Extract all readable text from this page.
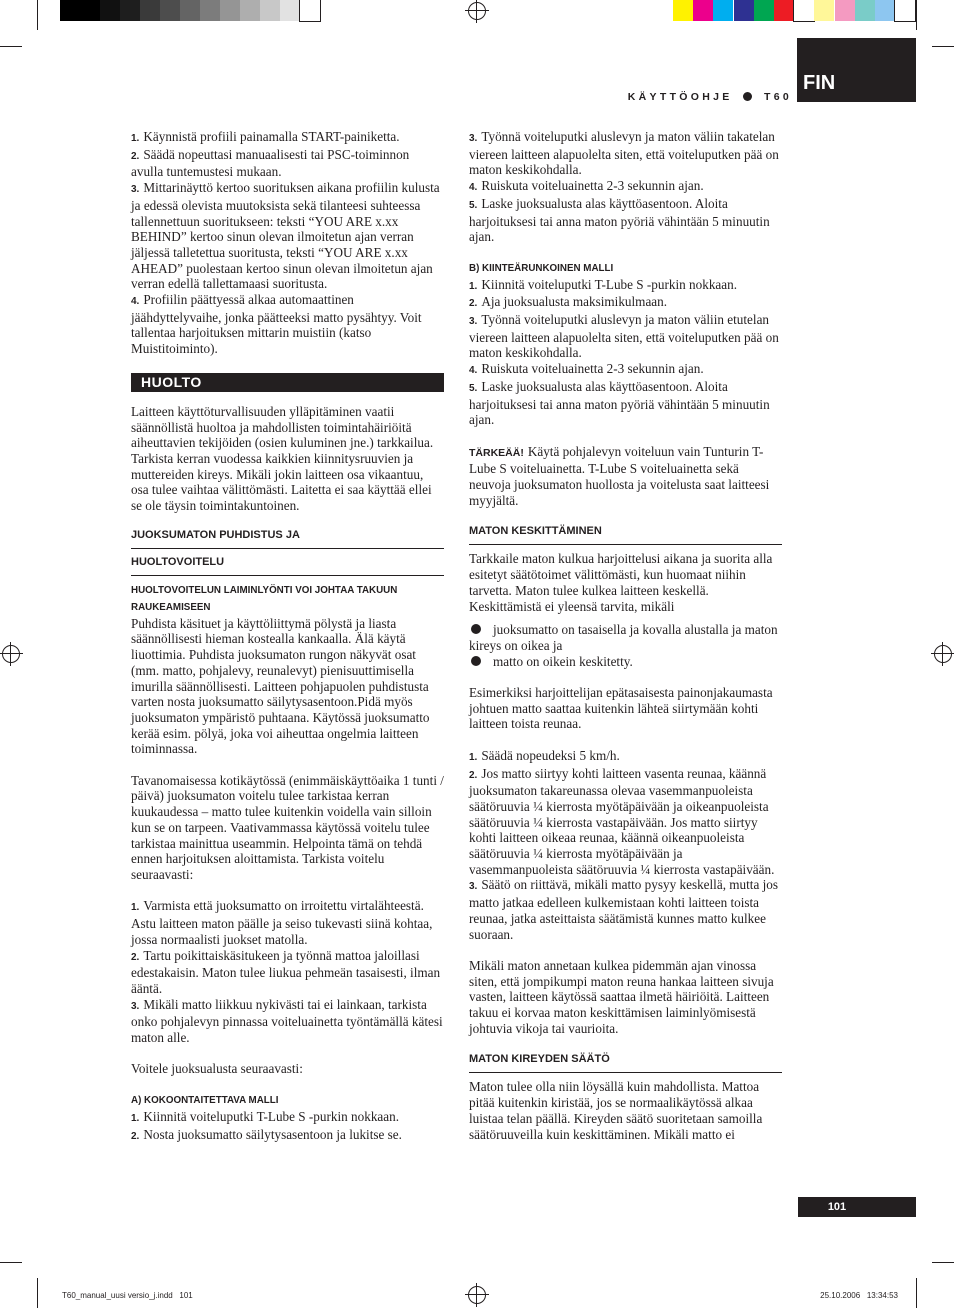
FIN
KÄYTTÖOHJE	T60

1. Käynnistä profiili painamalla START-painiketta.

2. Säädä nopeuttasi manuaalisesti tai PSC-toiminnon avulla tuntemustesi mukaan.

3. Mittarinäyttö kertoo suorituksen aikana profiilin kulusta ja edessä olevista muutoksista sekä tilanteesi suhteessa tallennettuun suoritukseen: teksti “YOU ARE x.xx BEHIND” kertoo sinun olevan ilmoitetun ajan verran jäljessä talletettua suoritusta, teksti “YOU ARE x.xx AHEAD” puolestaan kertoo sinun olevan ilmoitetun ajan verran edellä tallettamaasi suoritusta.

4. Profiilin päättyessä alkaa automaattinen jäähdyttelyvaihe, jonka päätteeksi matto pysähtyy. Voit tallentaa harjoituksen mittarin muistiin (katso Muistitoiminto).

HUOLTO

Laitteen käyttöturvallisuuden ylläpitäminen vaatii säännöllistä huoltoa ja mahdollisten toimintahäiriöitä aiheuttavien tekijöiden (osien kuluminen jne.) tarkkailua. Tarkista kerran vuodessa kaikkien kiinnitysruuvien ja muttereiden kireys. Mikäli jokin laitteen osa vikaantuu, osa tulee vaihtaa välittömästi. Laitetta ei saa käyttää ellei se ole täysin toimintakuntoinen.

JUOKSUMATON PUHDISTUS JA
HUOLTOVOITELU
HUOLTOVOITELUN LAIMINLYÖNTI VOI JOHTAA TAKUUN RAUKEAMISEEN

Puhdista käsituet ja käyttöliittymä pölystä ja liasta säännöllisesti hieman kostealla kankaalla. Älä käytä liuottimia. Puhdista juoksumaton rungon näkyvät osat (mm. matto, pohjalevy, reunalevyt) pienisuuttimisella imurilla säännöllisesti. Laitteen pohjapuolen puhdistusta varten nosta juoksumatto säilytysasentoon.Pidä myös juoksumaton ympäristö puhtaana. Käytössä juoksumatto kerää esim. pölyä, joka voi aiheuttaa ongelmia laitteen toiminnassa.

Tavanomaisessa kotikäytössä (enimmäiskäyttöaika 1 tunti / päivä) juoksumaton voitelu tulee tarkistaa kerran kuukaudessa – matto tulee kuitenkin voidella vain silloin kun se on tarpeen. Vaativammassa käytössä voitelu tulee tarkistaa mainittua useammin. Helpointa tämä on tehdä ennen harjoituksen aloittamista. Tarkista voitelu seuraavasti:

1. Varmista että juoksumatto on irroitettu virtalähteestä. Astu laitteen maton päälle ja seiso tukevasti siinä kohtaa, jossa normaalisti juokset matolla.

2. Tartu poikittaiskäsitukeen ja työnnä mattoa jaloillasi edestakaisin. Maton tulee liukua pehmeän tasaisesti, ilman ääntä.

3. Mikäli matto liikkuu nykivästi tai ei lainkaan, tarkista onko pohjalevyn pinnassa voiteluainetta työntämällä kätesi maton alle.

Voitele juoksualusta seuraavasti:

A) KOKOONTAITETTAVA MALLI

1. Kiinnitä voiteluputki T-Lube S -purkin nokkaan.

2. Nosta juoksumatto säilytysasentoon ja lukitse se.

3. Työnnä voiteluputki aluslevyn ja maton väliin takatelan viereen laitteen alapuolelta siten, että voiteluputken pää on maton keskikohdalla.

4. Ruiskuta voiteluainetta 2-3 sekunnin ajan.

5. Laske juoksualusta alas käyttöasentoon. Aloita harjoituksesi tai anna maton pyöriä vähintään 5 minuutin ajan.

B) KIINTEÄRUNKOINEN MALLI

1. Kiinnitä voiteluputki T-Lube S -purkin nokkaan.

2. Aja juoksualusta maksimikulmaan.

3. Työnnä voiteluputki aluslevyn ja maton väliin etutelan viereen laitteen alapuolelta siten, että voiteluputken pää on maton keskikohdalla.

4. Ruiskuta voiteluainetta 2-3 sekunnin ajan.

5. Laske juoksualusta alas käyttöasentoon. Aloita harjoituksesi tai anna maton pyöriä vähintään 5 minuutin ajan.

TÄRKEÄÄ! Käytä pohjalevyn voiteluun vain Tunturin T-Lube S voiteluainetta. T-Lube S voiteluainetta sekä neuvoja juoksumaton huollosta ja voitelusta saat laitteesi myyjältä.

MATON KESKITTÄMINEN

Tarkkaile maton kulkua harjoittelusi aikana ja suorita alla esitetyt säätötoimet välittömästi, kun huomaat niihin tarvetta. Maton tulee kulkea laitteen keskellä. Keskittämistä ei yleensä tarvita, mikäli

juoksumatto on tasaisella ja kovalla alustalla ja maton kireys on oikea ja

matto on oikein keskitetty.

Esimerkiksi harjoittelijan epätasaisesta painonjakaumasta johtuen matto saattaa kuitenkin lähteä siirtymään kohti laitteen toista reunaa.

1. Säädä nopeudeksi 5 km/h.

2. Jos matto siirtyy kohti laitteen vasenta reunaa, käännä juoksumaton takareunassa olevaa vasemmanpuoleista säätöruuvia ¼ kierrosta myötäpäivään ja oikeanpuoleista säätöruuvia ¼ kierrosta vastapäivään. Jos matto siirtyy kohti laitteen oikeaa reunaa, käännä oikeanpuoleista säätöruuvia ¼ kierrosta myötäpäivään ja vasemmanpuoleista säätöruuvia ¼ kierrosta vastapäivään.

3. Säätö on riittävä, mikäli matto pysyy keskellä, mutta jos matto jatkaa edelleen kulkemistaan kohti laitteen toista reunaa, jatka asteittaista säätämistä kunnes matto kulkee suoraan.

Mikäli maton annetaan kulkea pidemmän ajan vinossa siten, että jompikumpi maton reuna hankaa laitteen sivuja vasten, laitteen käytössä saattaa ilmetä häiriöitä. Laitteen takuu ei korvaa maton keskittämisen laiminlyömisestä johtuvia vikoja tai vaurioita.

MATON KIREYDEN SÄÄTÖ

Maton tulee olla niin löysällä kuin mahdollista. Mattoa pitää kuitenkin kiristää, jos se normaalikäytössä alkaa luistaa telan päällä. Kireyden säätö suoritetaan samoilla säätöruuveilla kuin keskittäminen. Mikäli matto ei

101
T60_manual_uusi versio_j.indd   101	25.10.2006 13:34:53
